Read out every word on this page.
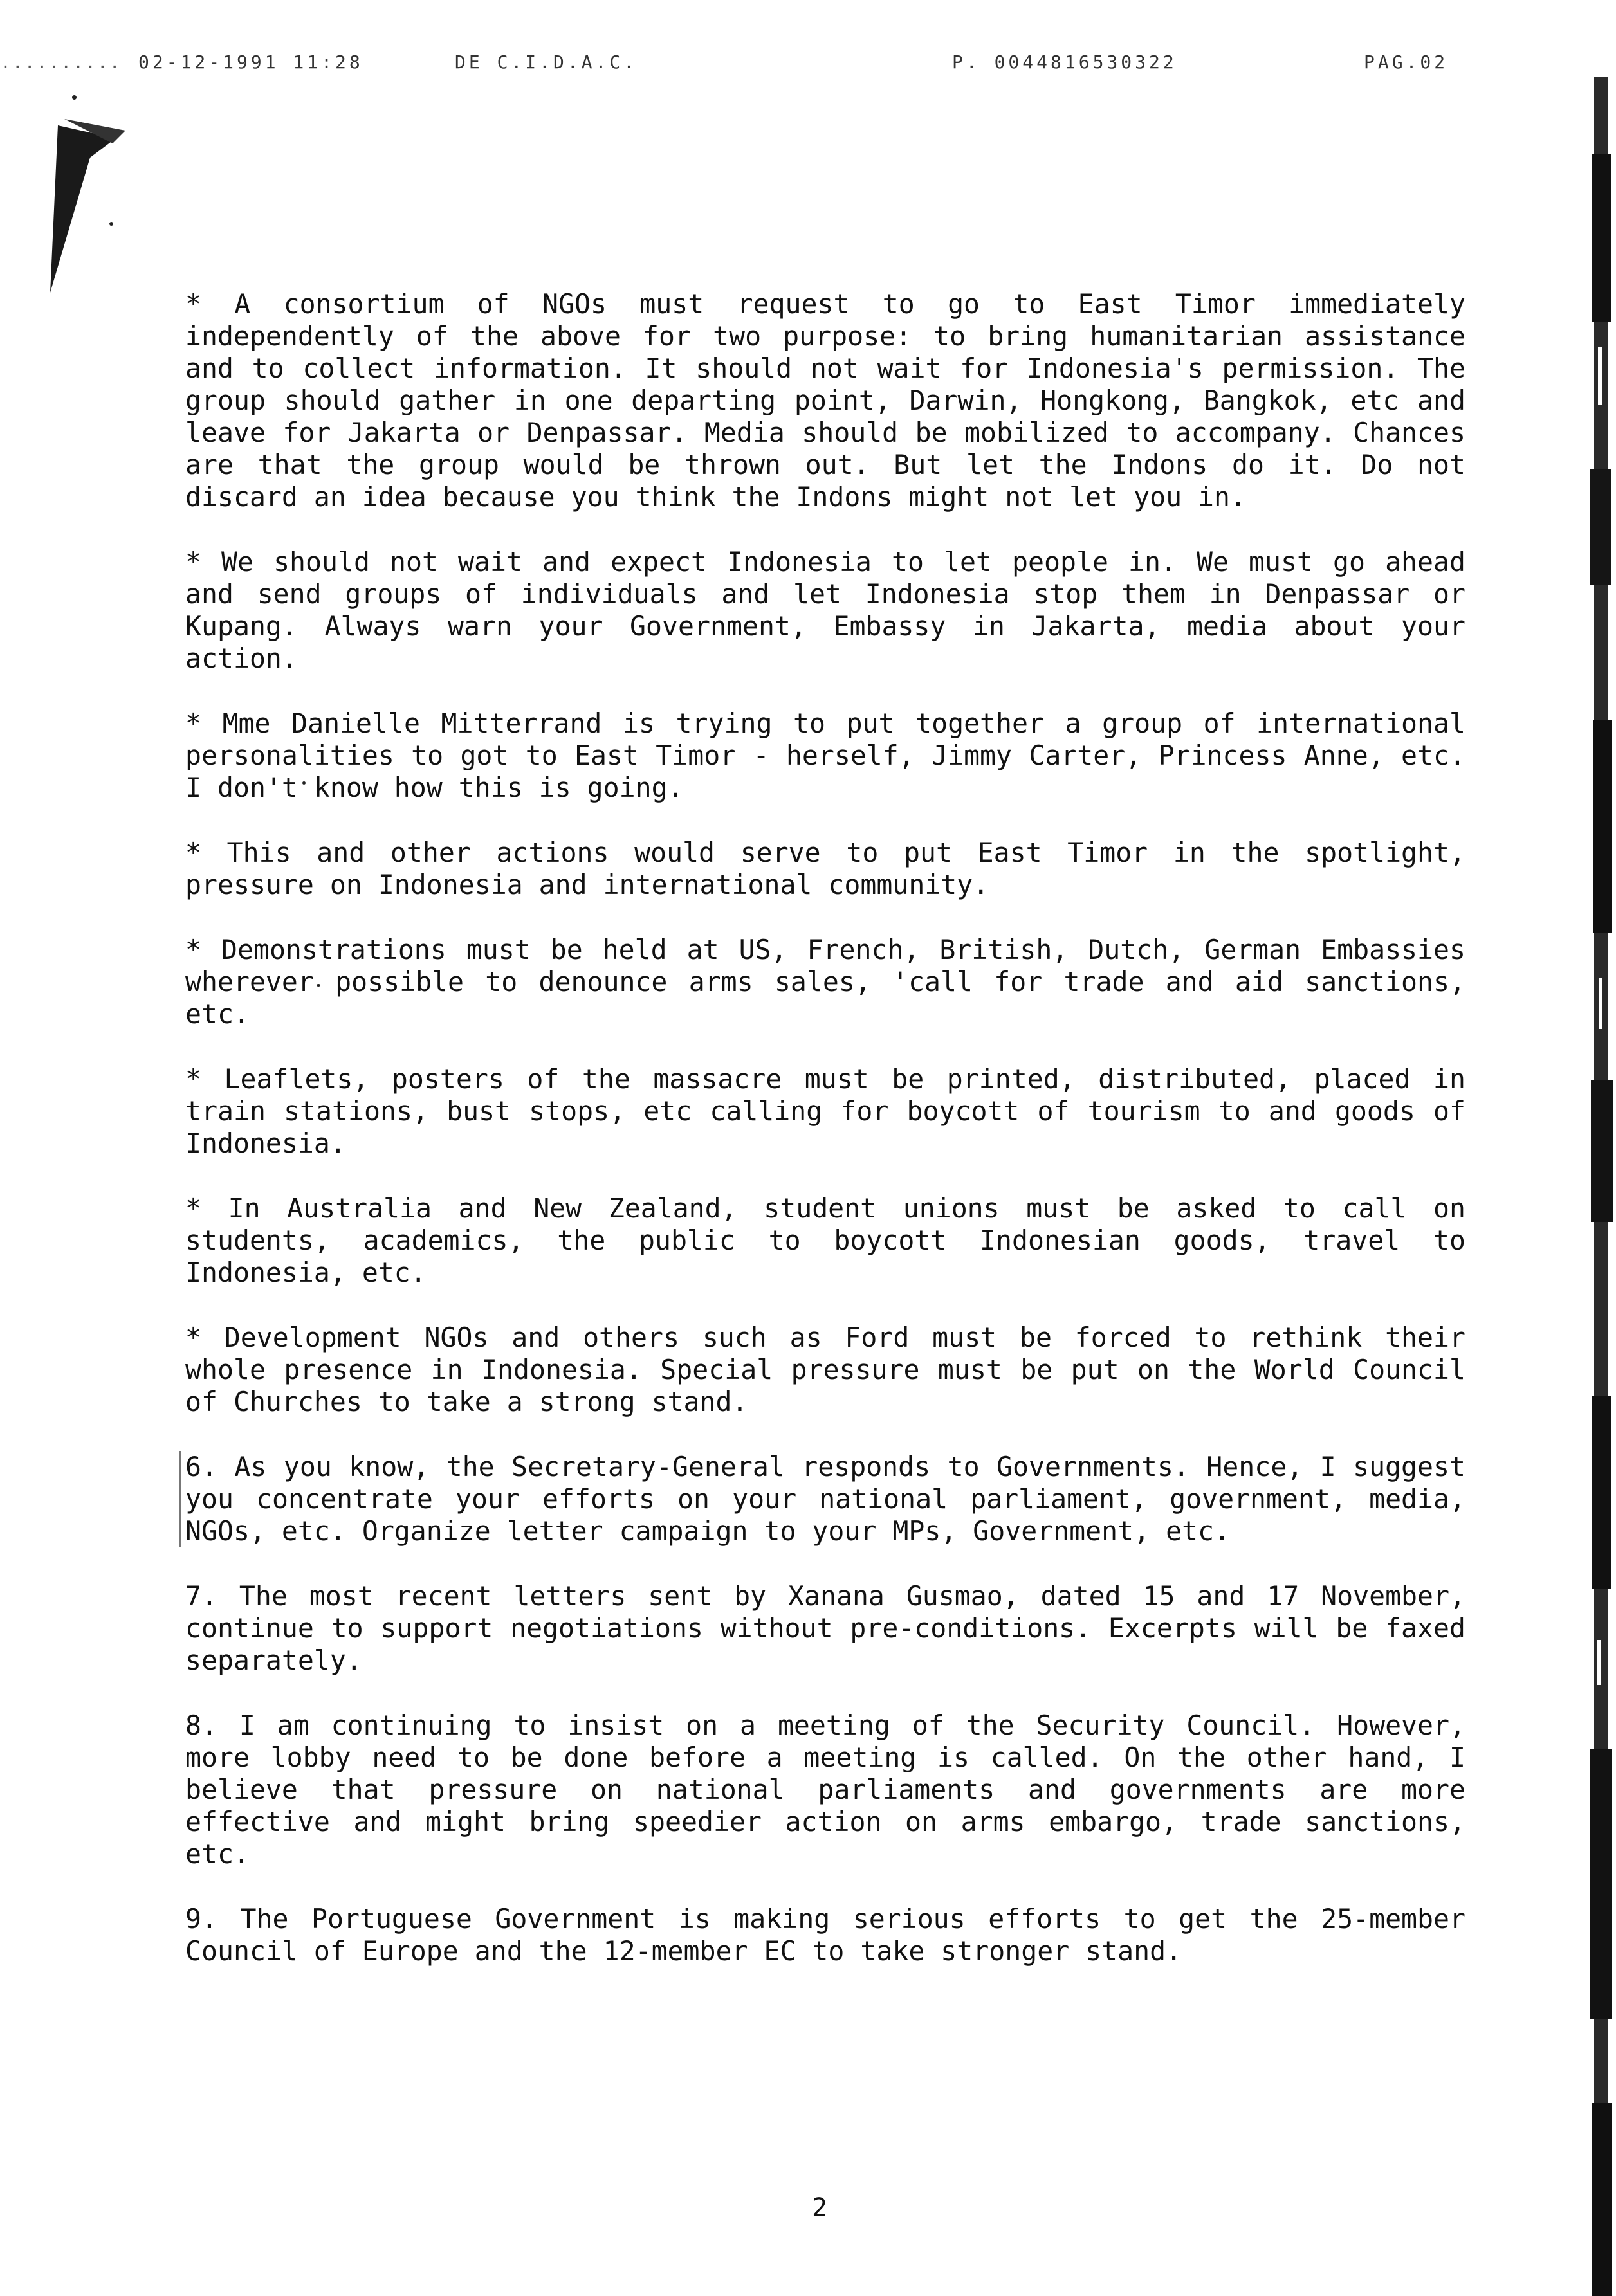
.......... 02-12-1991 11:28	DE C.I.D.A.C.	P. 0044816530322	PAG.02

* A consortium of NGOs must request to go to East Timor immediately independently of the above for two purpose: to bring humanitarian assistance and to collect information. It should not wait for Indonesia's permission. The group should gather in one departing point, Darwin, Hongkong, Bangkok, etc and leave for Jakarta or Denpassar. Media should be mobilized to accompany. Chances are that the group would be thrown out. But let the Indons do it. Do not discard an idea because you think the Indons might not let you in.

* We should not wait and expect Indonesia to let people in. We must go ahead and send groups of individuals and let Indonesia stop them in Denpassar or Kupang. Always warn your Government, Embassy in Jakarta, media about your action.

* Mme Danielle Mitterrand is trying to put together a group of international personalities to got to East Timor - herself, Jimmy Carter, Princess Anne, etc. I don't know how this is going.

* This and other actions would serve to put East Timor in the spotlight, pressure on Indonesia and international community.

* Demonstrations must be held at US, French, British, Dutch, German Embassies wherever possible to denounce arms sales, 'call for trade and aid sanctions, etc.

* Leaflets, posters of the massacre must be printed, distributed, placed in train stations, bust stops, etc calling for boycott of tourism to and goods of Indonesia.

* In Australia and New Zealand, student unions must be asked to call on students, academics, the public to boycott Indonesian goods, travel to Indonesia, etc.

* Development NGOs and others such as Ford must be forced to rethink their whole presence in Indonesia. Special pressure must be put on the World Council of Churches to take a strong stand.

6. As you know, the Secretary-General responds to Governments. Hence, I suggest you concentrate your efforts on your national parliament, government, media, NGOs, etc. Organize letter campaign to your MPs, Government, etc.

7. The most recent letters sent by Xanana Gusmao, dated 15 and 17 November, continue to support negotiations without pre-conditions. Excerpts will be faxed separately.

8. I am continuing to insist on a meeting of the Security Council. However, more lobby need to be done before a meeting is called. On the other hand, I believe that pressure on national parliaments and governments are more effective and might bring speedier action on arms embargo, trade sanctions, etc.

9. The Portuguese Government is making serious efforts to get the 25-member Council of Europe and the 12-member EC to take stronger stand.

2
